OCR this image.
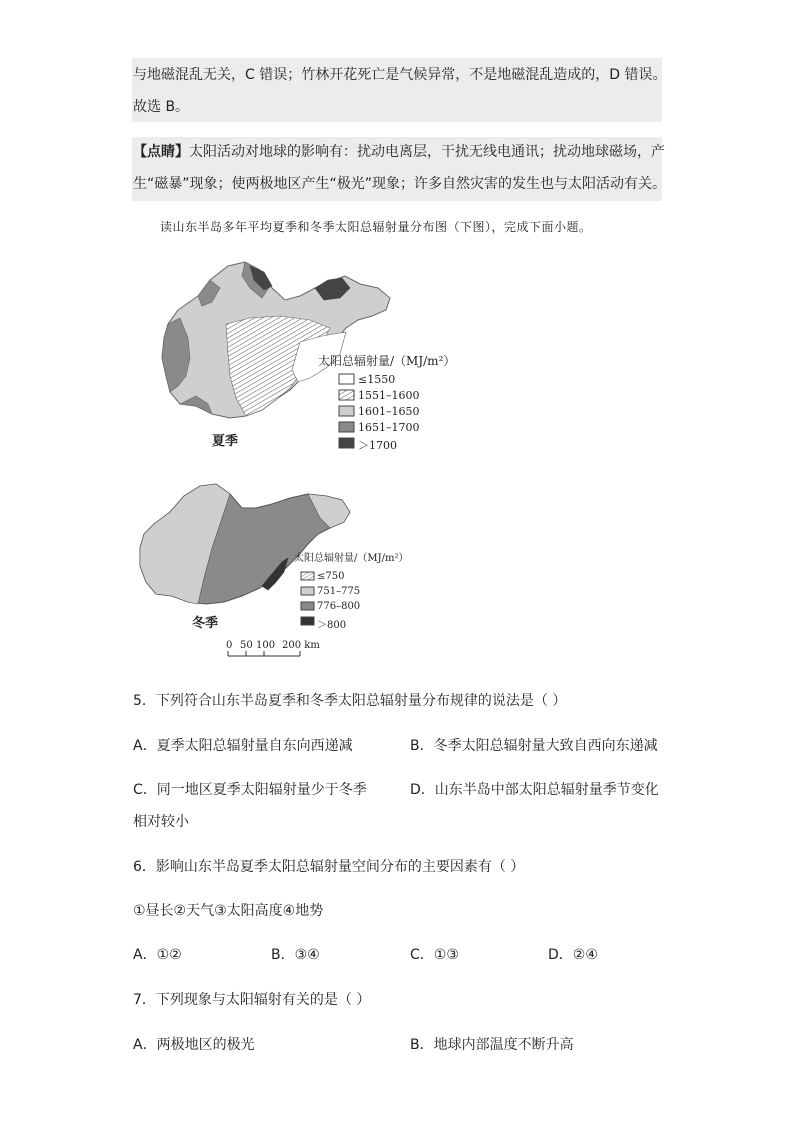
与地磁混乱无关，C 错误；竹林开花死亡是气候异常，不是地磁混乱造成的，D 错误。
故选 B。
【点睛】太阳活动对地球的影响有：扰动电离层，干扰无线电通讯；扰动地球磁场，产
生“磁暴”现象；使两极地区产生“极光”现象；许多自然灾害的发生也与太阳活动有关。
读山东半岛多年平均夏季和冬季太阳总辐射量分布图（下图），完成下面小题。
太阳总辐射量/（MJ/m²）
≤1550
1551–1600
1601–1650
1651–1700
＞1700
夏季
太阳总辐射量/（MJ/m²）
≤750
751–775
776–800
＞800
冬季
0 50 100 200 km
5．下列符合山东半岛夏季和冬季太阳总辐射量分布规律的说法是（ ）
A．夏季太阳总辐射量自东向西递减	B．冬季太阳总辐射量大致自西向东递减
C．同一地区夏季太阳辐射量少于冬季	D．山东半岛中部太阳总辐射量季节变化
相对较小
6．影响山东半岛夏季太阳总辐射量空间分布的主要因素有（ ）
①昼长②天气③太阳高度④地势
A．①②	B．③④	C．①③	D．②④
7．下列现象与太阳辐射有关的是（ ）
A．两极地区的极光	B．地球内部温度不断升高
